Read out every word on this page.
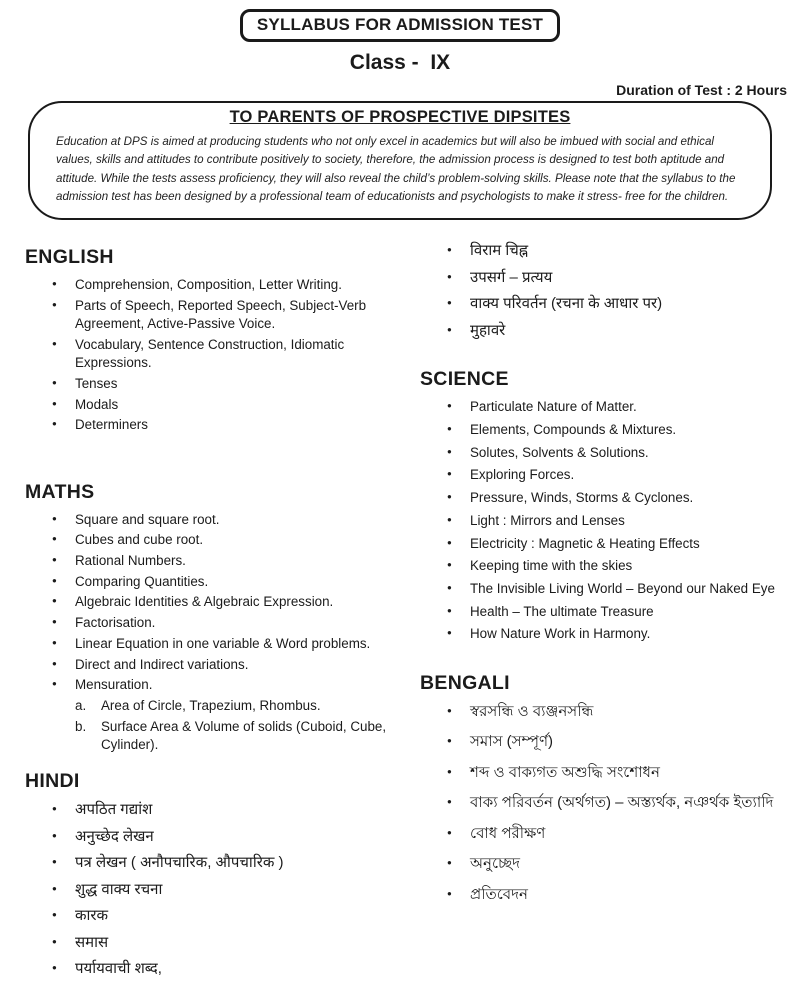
SYLLABUS FOR ADMISSION TEST
Class -  IX
Duration of Test : 2 Hours
TO PARENTS OF PROSPECTIVE DIPSITES
Education at DPS is aimed at producing students who not only excel in academics but will also be imbued with social and ethical  values, skills and attitudes to contribute positively to society, therefore, the admission process is designed to test both aptitude and attitude. While the tests assess proficiency, they will also reveal the child’s problem-solving skills. Please note that the syllabus to the admission test has been designed by a professional team of educationists and psychologists to make it stress- free for the children.
ENGLISH
● Comprehension, Composition, Letter Writing.
● Parts of Speech, Reported Speech, Subject-Verb Agreement, Active-Passive Voice.
● Vocabulary, Sentence Construction, Idiomatic Expressions.
● Tenses
● Modals
● Determiners
MATHS
● Square and square root.
● Cubes and cube root.
● Rational Numbers.
● Comparing Quantities.
● Algebraic Identities & Algebraic Expression.
● Factorisation.
● Linear Equation in one variable & Word problems.
● Direct and Indirect variations.
● Mensuration.
Area of Circle, Trapezium, Rhombus.
Surface Area & Volume of solids (Cuboid, Cube, Cylinder).
HINDI
● अपठित गद्यांश
● अनुच्छेद लेखन
● पत्र लेखन ( अनौपचारिक, औपचारिक )
● शुद्ध वाक्य रचना
● कारक
● समास
● पर्यायवाची शब्द,
● विराम चिह्न
● उपसर्ग – प्रत्यय
● वाक्य परिवर्तन (रचना के आधार पर)
● मुहावरे
SCIENCE
● Particulate Nature of Matter.
● Elements, Compounds & Mixtures.
● Solutes, Solvents & Solutions.
● Exploring Forces.
● Pressure, Winds, Storms & Cyclones.
● Light : Mirrors and Lenses
● Electricity : Magnetic & Heating Effects
● Keeping time with the skies
● The Invisible Living World – Beyond our Naked Eye
● Health – The ultimate Treasure
● How Nature Work in Harmony.
BENGALI
● স্বরসন্ধি ও ব্যঞ্জনসন্ধি
● সমাস (সম্পূর্ণ)
● শব্দ ও বাক্যগত অশুদ্ধি সংশোধন
● বাক্য পরিবর্তন (অর্থগত) – অস্ত্যর্থক, নঞর্থক ইত্যাদি
● বোধ পরীক্ষণ
● অনুচ্ছেদ
● প্রতিবেদন
